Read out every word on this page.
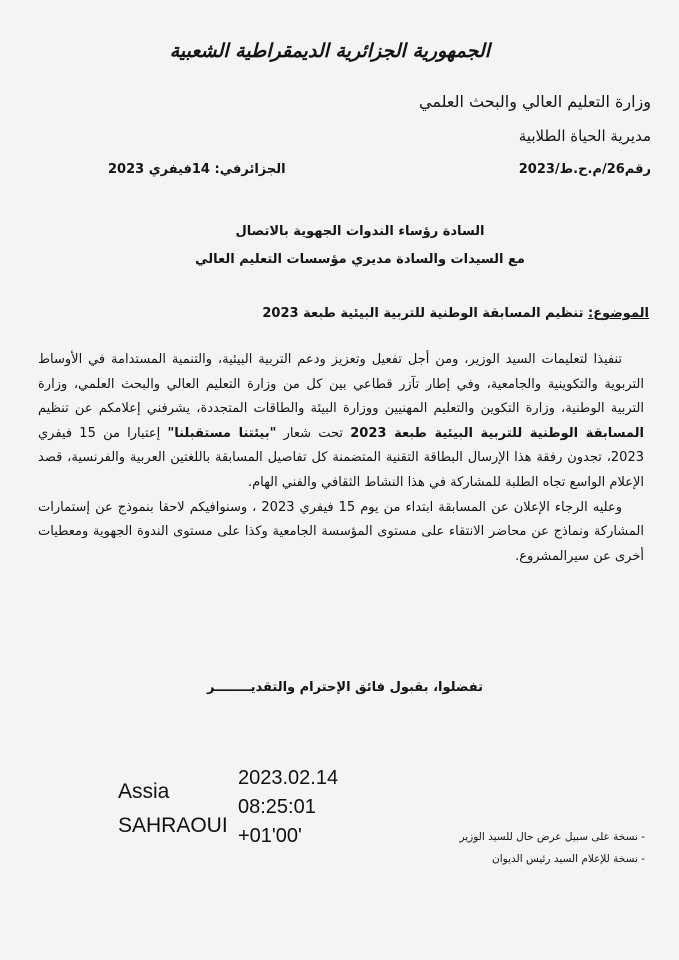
الجمهورية الجزائرية الديمقراطية الشعبية
وزارة التعليم العالي والبحث العلمي
مديرية الحياة الطلابية
رقم26/م.ح.ط/2023
الجزائرفي: 14فيفري 2023
السادة رؤساء الندوات الجهوية بالاتصال
مع السيدات والسادة مديري مؤسسات التعليم العالي
الموضوع: تنظيم المسابقة الوطنية للتربية البيئية طبعة 2023

تنفيذا لتعليمات السيد الوزير، ومن أجل تفعيل وتعزيز ودعم التربية البيئية، والتنمية المستدامة في الأوساط التربوية والتكوينية والجامعية، وفي إطار تآزر قطاعي بين كل من وزارة التعليم العالي والبحث العلمي، وزارة التربية الوطنية، وزارة التكوين والتعليم المهنيين ووزارة البيئة والطاقات المتجددة، يشرفني إعلامكم عن تنظيم المسابقة الوطنية للتربية البيئية طبعة 2023 تحت شعار "بيئتنا مستقبلنا" إعتبارا من 15 فيفري 2023، تجدون رفقة هذا الإرسال البطاقة التقنية المتضمنة كل تفاصيل المسابقة باللغتين العربية والفرنسية، قصد الإعلام الواسع تجاه الطلبة للمشاركة في هذا النشاط الثقافي والفني الهام.

وعليه الرجاء الإعلان عن المسابقة ابتداء من يوم 15 فيفري 2023 ، وسنوافيكم لاحقا بنموذج عن إستمارات المشاركة ونماذج عن محاضر الانتقاء على مستوى المؤسسة الجامعية وكذا على مستوى الندوة الجهوية ومعطيات أخرى عن سيرالمشروع.

تفضلوا، بقبول فائق الإحترام والتقديــــــــر
Assia
SAHRAOUI
2023.02.14
08:25:01
+01'00'	- نسخة على سبيل عرض حال للسيد الوزير
- نسخة للإعلام السيد رئيس الديوان
